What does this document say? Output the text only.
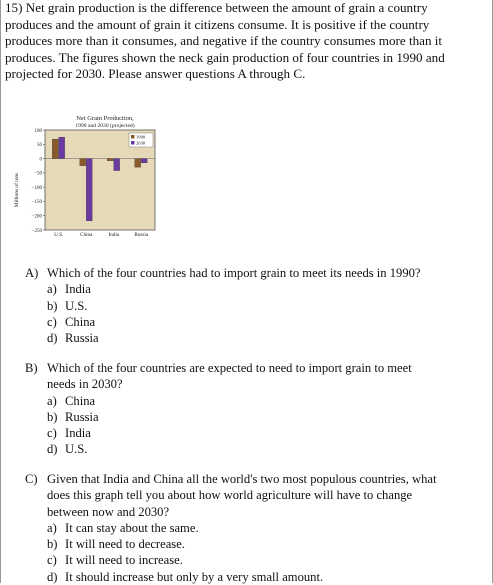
15) Net grain production is the difference between the amount of grain a country
produces and the amount of grain it citizens consume. It is positive if the country
produces more than it consumes, and negative if the country consumes more than it
produces. The figures shown the neck gain production of four countries in 1990 and
projected for 2030. Please answer questions A through C.
Net Grain Production,
1990 and 2030 (projected)
Millions of tons
100
50
0
−50
−100
−150
−200
−250
U.S.	China	India	Russia
1990
2030
A) Which of the four countries had to import grain to meet its needs in 1990?
a) India
b) U.S.
c) China
d) Russia
B) Which of the four countries are expected to need to import grain to meet
needs in 2030?
a) China
b) Russia
c) India
d) U.S.
C) Given that India and China all the world's two most populous countries, what
does this graph tell you about how world agriculture will have to change
between now and 2030?
a) It can stay about the same.
b) It will need to decrease.
c) It will need to increase.
d) It should increase but only by a very small amount.
